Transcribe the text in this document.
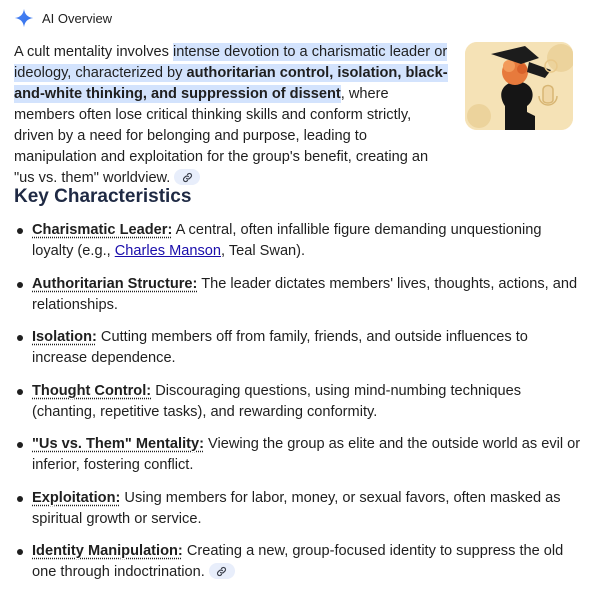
AI Overview

A cult mentality involves intense devotion to a charismatic leader or ideology, characterized by authoritarian control, isolation, black-and-white thinking, and suppression of dissent, where members often lose critical thinking skills and conform strictly, driven by a need for belonging and purpose, leading to manipulation and exploitation for the group's benefit, creating an "us vs. them" worldview.

Key Characteristics
Charismatic Leader: A central, often infallible figure demanding unquestioning loyalty (e.g., Charles Manson, Teal Swan).
Authoritarian Structure: The leader dictates members' lives, thoughts, actions, and relationships.
Isolation: Cutting members off from family, friends, and outside influences to increase dependence.
Thought Control: Discouraging questions, using mind-numbing techniques (chanting, repetitive tasks), and rewarding conformity.
"Us vs. Them" Mentality: Viewing the group as elite and the outside world as evil or inferior, fostering conflict.
Exploitation: Using members for labor, money, or sexual favors, often masked as spiritual growth or service.
Identity Manipulation: Creating a new, group-focused identity to suppress the old one through indoctrination.
